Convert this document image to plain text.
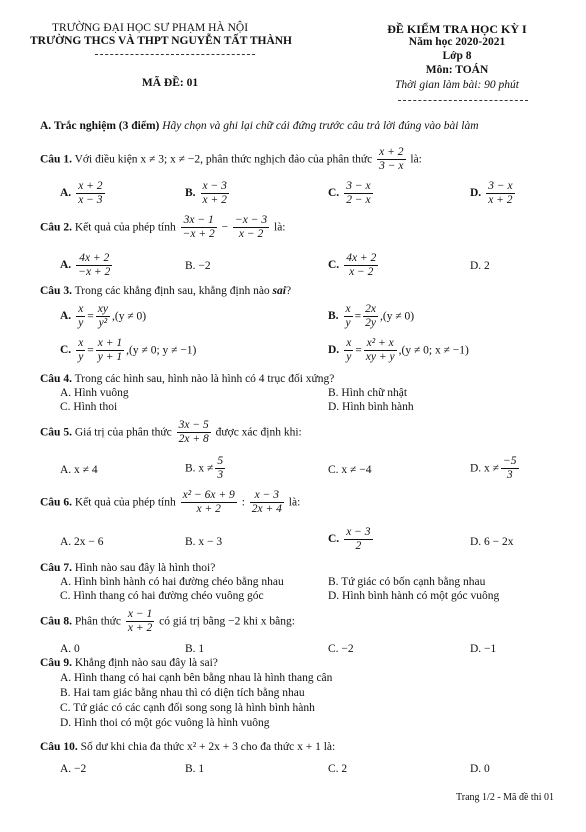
TRƯỜNG ĐẠI HỌC SƯ PHẠM HÀ NỘI
TRƯỜNG THCS VÀ THPT NGUYỄN TẤT THÀNH
MÃ ĐỀ: 01
ĐỀ KIỂM TRA HỌC KỲ I
Năm học 2020-2021
Lớp 8
Môn: TOÁN
Thời gian làm bài: 90 phút
A. Trắc nghiệm (3 điểm) Hãy chọn và ghi lại chữ cái đứng trước câu trả lời đúng vào bài làm
Câu 1. Với điều kiện x ≠ 3; x ≠ −2, phân thức nghịch đảo của phân thức $\frac{x + 2}{3 - x}$ là:
A. $\frac{x + 2}{x - 3}$	B. $\frac{x - 3}{x + 2}$	C. $\frac{3 - x}{2 - x}$	D. $\frac{3 - x}{x + 2}$
Câu 2. Kết quả của phép tính $\frac{3x - 1}{-x + 2} - \frac{-x - 3}{x - 2}$ là:
A. $\frac{4x + 2}{-x + 2}$	B. −2	C. $\frac{4x + 2}{x - 2}$	D. 2
Câu 3. Trong các khẳng định sau, khẳng định nào sai?
A. $\frac{x}{y} = \frac{xy}{\text{y²}} ,(y \ne 0)$	B. $\frac{x}{y} = \frac{2x}{2y} ,(y \ne 0)$
C. $\frac{x}{y} = \frac{x + 1}{y + 1} ,(y \ne 0$; y ≠ −1)	D. $\frac{x}{y} = \frac{\text{x² + x}}{xy + y} ,(y \ne 0$; x ≠ −1)
Câu 4. Trong các hình sau, hình nào là hình có 4 trục đối xứng?
A. Hình vuông	B. Hình chữ nhật
C. Hình thoi	D. Hình bình hành
Câu 5. Giá trị của phân thức $\frac{3x - 5}{2x + 8}$ được xác định khi:
A. x ≠ 4	B. $x \ne \frac{5}{3}$	C. x ≠ −4	D. $x \ne \frac{-5}{3}$
Câu 6. Kết quả của phép tính $\frac{\text{x² − 6x + 9}}{x + 2}$ : $\frac{x - 3}{2x + 4}$ là:
A. 2x − 6	B. x − 3	C. $\frac{x - 3}{2}$	D. 6 − 2x
Câu 7. Hình nào sau đây là hình thoi?
A. Hình bình hành có hai đường chéo bằng nhau	B. Tứ giác có bốn cạnh bằng nhau
C. Hình thang có hai đường chéo vuông góc	D. Hình bình hành có một góc vuông
Câu 8. Phân thức $\frac{x - 1}{x + 2}$ có giá trị bằng −2 khi x bằng:
A. 0	B. 1	C. −2	D. −1
Câu 9. Khẳng định nào sau đây là sai?
A. Hình thang có hai cạnh bên bằng nhau là hình thang cân
B. Hai tam giác bằng nhau thì có diện tích bằng nhau
C. Tứ giác có các cạnh đối song song là hình bình hành
D. Hình thoi có một góc vuông là hình vuông
Câu 10. Số dư khi chia đa thức x² + 2x + 3 cho đa thức x + 1 là:
A. −2	B. 1	C. 2	D. 0
Trang 1/2 - Mã đề thi 01
